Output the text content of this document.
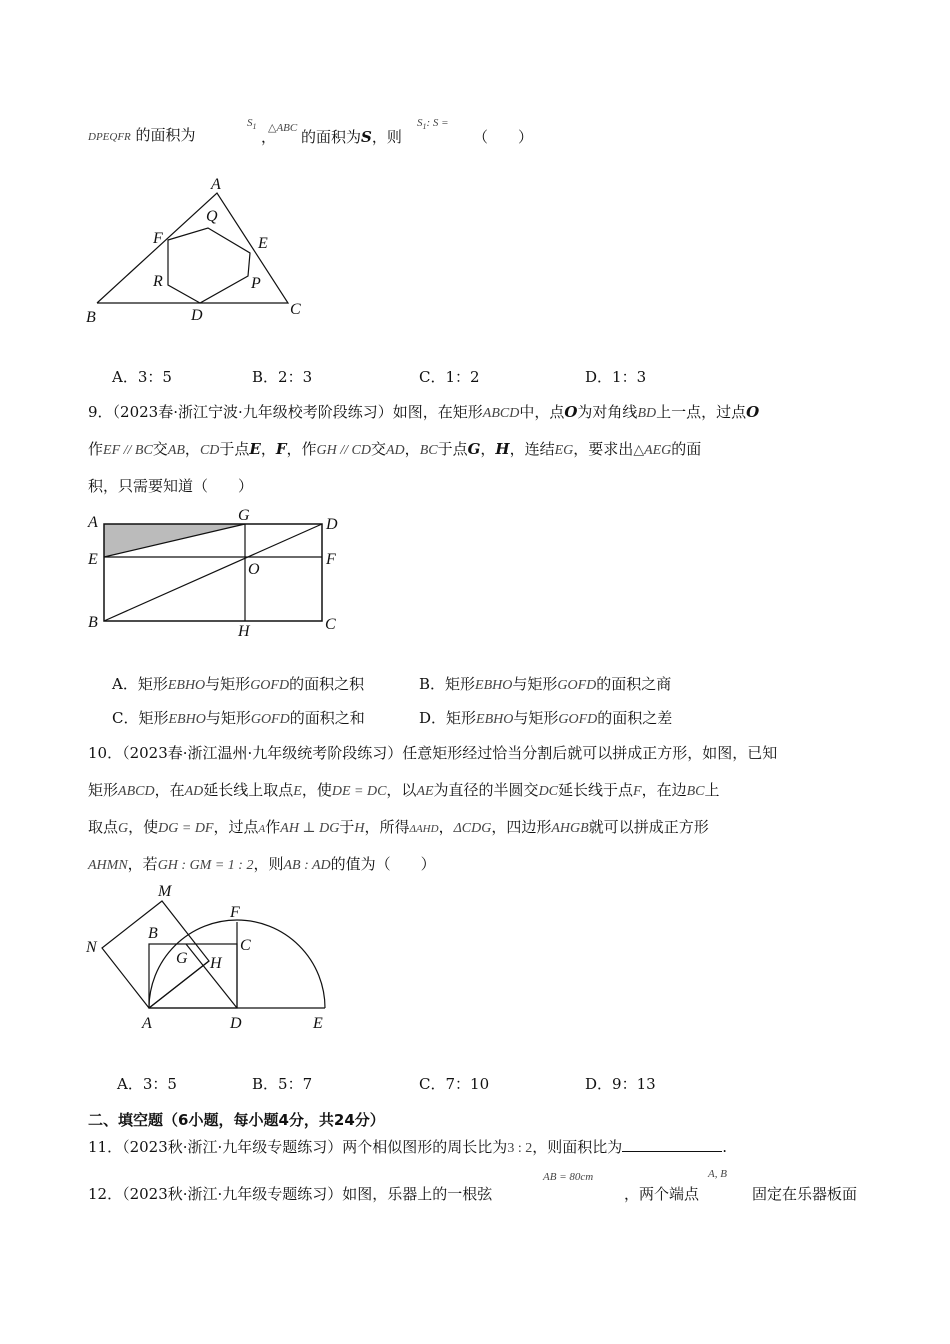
DPEQFR 的面积为
$S_1$
，
△ABC 的面积为S，则
$S_1$: S =
（　　）
A
Q
F	E
R	P
B	D	C
A．3：5	B．2：3	C．1：2	D．1：3
9．（2023春·浙江宁波·九年级校考阶段练习）如图，在矩形ABCD中，点O为对角线BD上一点，过点O
作EF // BC交AB，CD于点E，F，作GH // CD交AD，BC于点G，H，连结EG，要求出△AEG的面
积，只需要知道（　　）
A	G
D
E
O
F
B
H	C
A．矩形EBHO与矩形GOFD的面积之积	B．矩形EBHO与矩形GOFD的面积之商
C．矩形EBHO与矩形GOFD的面积之和	D．矩形EBHO与矩形GOFD的面积之差
10．（2023春·浙江温州·九年级统考阶段练习）任意矩形经过恰当分割后就可以拼成正方形，如图，已知
矩形ABCD，在AD延长线上取点E，使DE = DC，以AE为直径的半圆交DC延长线于点F，在边BC上
取点G，使DG = DF，过点A作AH ⊥ DG于H，所得ΔAHD，ΔCDG，四边形AHGB就可以拼成正方形
AHMN，若GH : GM = 1 : 2，则AB : AD的值为（　　）
M
F
N
B
C
G H
A	D	E
A．3：5	B．5：7	C．7：10	D．9：13
二、填空题（6小题，每小题4分，共24分）
11．（2023秋·浙江·九年级专题练习）两个相似图形的周长比为3 : 2，则面积比为	.
12．（2023秋·浙江·九年级专题练习）如图，乐器上的一根弦
AB = 80cm
，两个端点
A, B
固定在乐器板面
